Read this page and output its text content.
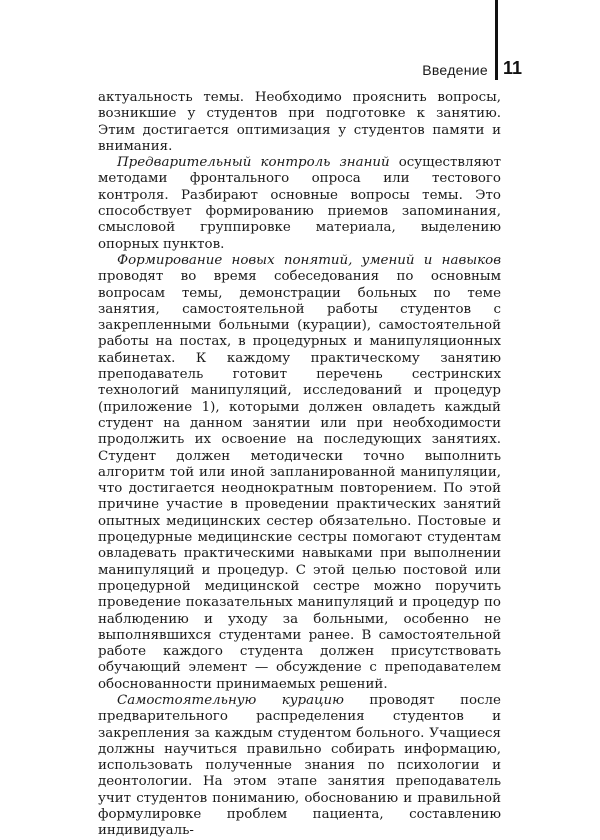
Введение 11

актуальность темы. Необходимо прояснить вопросы, возникшие у студентов при подготовке к занятию. Этим достигается оптимизация у студентов памяти и внимания.

Предварительный контроль знаний осуществляют методами фронтального опроса или тестового контроля. Разбирают основные вопросы темы. Это способствует формированию приемов запоминания, смысловой группировке материала, выделению опорных пунктов.

Формирование новых понятий, умений и навыков проводят во время собеседования по основным вопросам темы, демонстрации больных по теме занятия, самостоятельной работы студентов с закрепленными больными (курации), самостоятельной работы на постах, в процедурных и манипуляционных кабинетах. К каждому практическому занятию преподаватель готовит перечень сестринских технологий манипуляций, исследований и процедур (приложение 1), которыми должен овладеть каждый студент на данном занятии или при необходимости продолжить их освоение на последующих занятиях. Студент должен методически точно выполнить алгоритм той или иной запланированной манипуляции, что достигается неоднократным повторением. По этой причине участие в проведении практических занятий опытных медицинских сестер обязательно. Постовые и процедурные медицинские сестры помогают студентам овладевать практическими навыками при выполнении манипуляций и процедур. С этой целью постовой или процедурной медицинской сестре можно поручить проведение показательных манипуляций и процедур по наблюдению и уходу за больными, особенно не выполнявшихся студентами ранее. В самостоятельной работе каждого студента должен присутствовать обучающий элемент — обсуждение с преподавателем обоснованности принимаемых решений.

Самостоятельную курацию проводят после предварительного распределения студентов и закрепления за каждым студентом больного. Учащиеся должны научиться правильно собирать информацию, использовать полученные знания по психологии и деонтологии. На этом этапе занятия преподаватель учит студентов пониманию, обоснованию и правильной формулировке проблем пациента, составлению индивидуаль-
